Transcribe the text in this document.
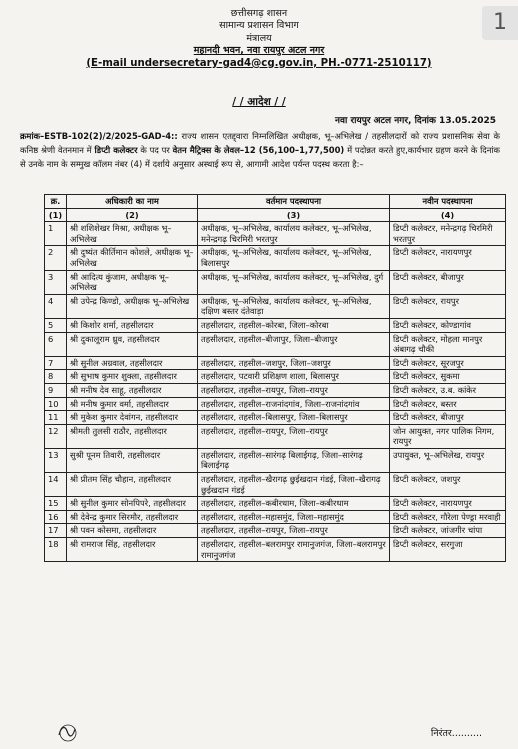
1
छत्तीसगढ़ शासन
सामान्य प्रशासन विभाग
मंत्रालय
महानदी भवन, नवा रायपुर अटल नगर
(E-mail undersecretary-gad4@cg.gov.in, PH.-0771-2510117)
/ / आदेश / /
नवा रायपुर अटल नगर, दिनांक 13.05.2025
क्रमांक–ESTB-102(2)/2/2025-GAD-4:: राज्य शासन एतद्द्वारा निम्नलिखित अधीक्षक, भू–अभिलेख / तहसीलदारों को राज्य प्रशासनिक सेवा के कनिष्ठ श्रेणी वेतनमान में डिप्टी कलेक्टर के पद पर वेतन मैट्रिक्स के लेवल–12 (56,100–1,77,500) में पदोन्नत करते हुए,कार्यभार ग्रहण करने के दिनांक से उनके नाम के सम्मुख कॉलम नंबर (4) में दर्शाये अनुसार अस्थाई रूप से, आगामी आदेश पर्यन्त पदस्थ करता है:–
क्र.	अधिकारी का नाम	वर्तमान पदस्थापना	नवीन पदस्थापना
(1)	(2)	(3)	(4)
1	श्री शशिशेखर मिश्रा, अधीक्षक भू–अभिलेख	अधीक्षक, भू–अभिलेख, कार्यालय कलेक्टर, भू–अभिलेख, मनेन्द्रगढ़ चिरमिरी भरतपुर	डिप्टी कलेक्टर, मनेन्द्रगढ़ चिरमिरी भरतपुर
2	श्री दुष्यंत कीर्तिमान कोशले, अधीक्षक भू–अभिलेख	अधीक्षक, भू–अभिलेख, कार्यालय कलेक्टर, भू–अभिलेख, बिलासपुर	डिप्टी कलेक्टर, नारायणपुर
3	श्री आदित्य कुंजाम, अधीक्षक भू–अभिलेख	अधीक्षक, भू–अभिलेख, कार्यालय कलेक्टर, भू–अभिलेख, दुर्ग	डिप्टी कलेक्टर, बीजापुर
4	श्री उपेन्द्र किण्डो, अधीक्षक भू–अभिलेख	अधीक्षक, भू–अभिलेख, कार्यालय कलेक्टर, भू–अभिलेख, दक्षिण बस्तर दंतेवाड़ा	डिप्टी कलेक्टर, रायपुर
5	श्री किशोर शर्मा, तहसीलदार	तहसीलदार, तहसील–कोरबा, जिला–कोरबा	डिप्टी कलेक्टर, कोण्डागांव
6	श्री दुकालूराम ध्रुव, तहसीलदार	तहसीलदार, तहसील–बीजापुर, जिला–बीजापुर	डिप्टी कलेक्टर, मोहला मानपुर अंबागढ़ चौकी
7	श्री सुनील अग्रवाल, तहसीलदार	तहसीलदार, तहसील–जशपुर, जिला–जशपुर	डिप्टी कलेक्टर, सूरजपुर
8	श्री सुभाष कुमार शुक्ला, तहसीलदार	तहसीलदार, पटवारी प्रशिक्षण शाला, बिलासपुर	डिप्टी कलेक्टर, सुकमा
9	श्री मनीष देव साहू, तहसीलदार	तहसीलदार, तहसील–रायपुर, जिला–रायपुर	डिप्टी कलेक्टर, उ.ब. कांकेर
10	श्री मनीष कुमार वर्मा, तहसीलदार	तहसीलदार, तहसील–राजनांदगांव, जिला–राजनांदगांव	डिप्टी कलेक्टर, बस्तर
11	श्री मुकेश कुमार देवांगन, तहसीलदार	तहसीलदार, तहसील–बिलासपुर, जिला–बिलासपुर	डिप्टी कलेक्टर, बीजापुर
12	श्रीमती तुलसी राठौर, तहसीलदार	तहसीलदार, तहसील–रायपुर, जिला–रायपुर	जोन आयुक्त, नगर पालिक निगम, रायपुर
13	सुश्री पूनम तिवारी, तहसीलदार	तहसीलदार, तहसील–सारंगढ़ बिलाईगढ़, जिला–सारंगढ़ बिलाईगढ़	उपायुक्त, भू–अभिलेख, रायपुर
14	श्री प्रीतम सिंह चौहान, तहसीलदार	तहसीलदार, तहसील–खैरागढ़ छुईखदान गंडई, जिला–खैरागढ़ छुईखदान गंडई	डिप्टी कलेक्टर, जशपुर
15	श्री सुनील कुमार सोनपिपरे, तहसीलदार	तहसीलदार, तहसील–कबीरधाम, जिला–कबीरधाम	डिप्टी कलेक्टर, नारायणपुर
16	श्री देवेन्द्र कुमार सिरमौर, तहसीलदार	तहसीलदार, तहसील–महासमुंद, जिला–महासमुंद	डिप्टी कलेक्टर, गौरेला पेण्ड्रा मरवाही
17	श्री पवन कोसमा, तहसीलदार	तहसीलदार, तहसील–रायपुर, जिला–रायपुर	डिप्टी कलेक्टर, जांजगीर चांपा
18	श्री रामराज सिंह, तहसीलदार	तहसीलदार, तहसील–बलरामपुर रामानुजगंज, जिला–बलरामपुर रामानुजगंज	डिप्टी कलेक्टर, सरगुजा
निरंतर..........
